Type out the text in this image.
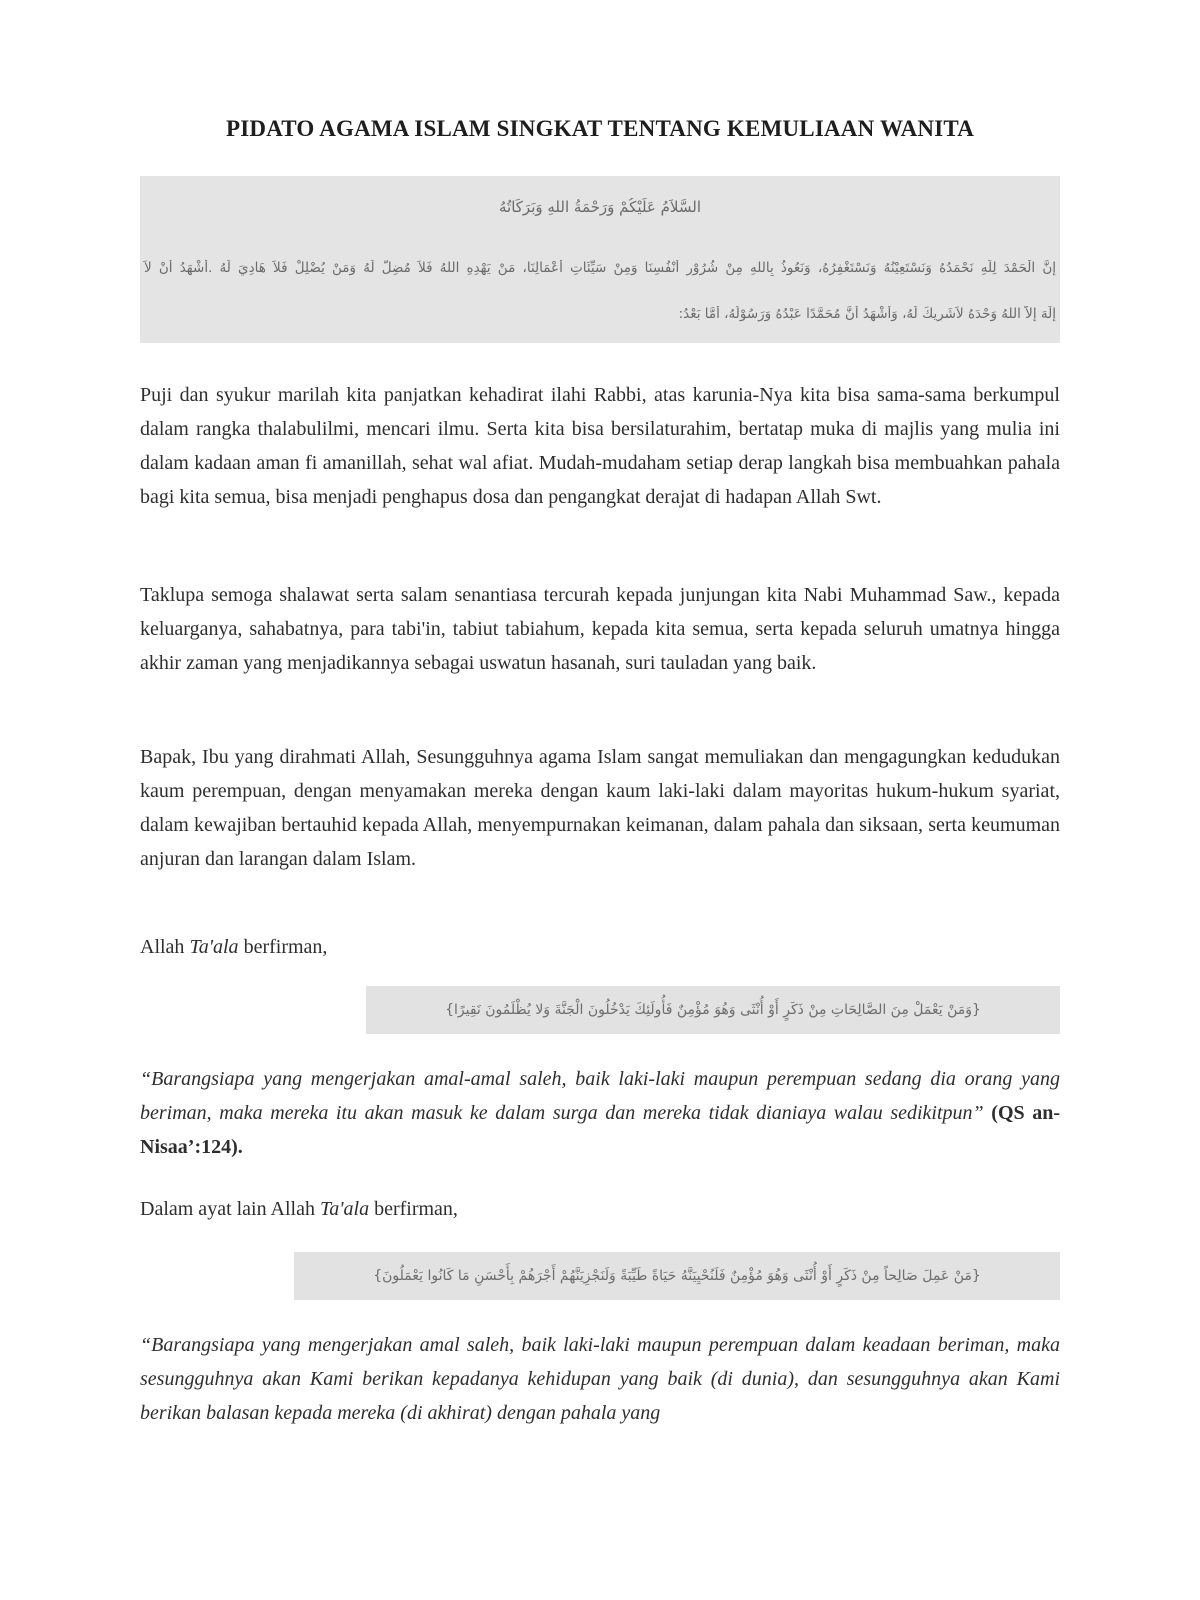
PIDATO AGAMA ISLAM SINGKAT TENTANG KEMULIAAN WANITA
السَّلاَمُ عَلَيْكُمْ وَرَحْمَةُ اللهِ وَبَرَكَاتُهُ
إِنَّ الْحَمْدَ لِلَّهِ نَحْمَدُهُ وَنَسْتَعِيْنُهُ وَنَسْتَغْفِرُهُ، وَنَعُوذُ بِاللهِ مِنْ شُرُوْرِ أَنْفُسِنَا وَمِنْ سَيِّئَاتِ أَعْمَالِنَا، مَنْ يَهْدِهِ اللهُ فَلاَ مُضِلَّ لَهُ وَمَنْ يُضْلِلْ فَلاَ هَادِيَ لَهُ .أَشْهَدُ أَنْ لاَ
إِلَهَ إِلاَّ اللهُ وَحْدَهُ لاَشَرِيكَ لَهُ، وَأَشْهَدُ أَنَّ مُحَمَّدًا عَبْدُهُ وَرَسُوْلُهُ، أَمَّا بَعْدُ:

Puji dan syukur marilah kita panjatkan kehadirat ilahi Rabbi, atas karunia-Nya kita bisa sama-sama berkumpul dalam rangka thalabulilmi, mencari ilmu. Serta kita bisa bersilaturahim, bertatap muka di majlis yang mulia ini dalam kadaan aman fi amanillah, sehat wal afiat. Mudah-mudaham setiap derap langkah bisa membuahkan pahala bagi kita semua, bisa menjadi penghapus dosa dan pengangkat derajat di hadapan Allah Swt.

Taklupa semoga shalawat serta salam senantiasa tercurah kepada junjungan kita Nabi Muhammad Saw., kepada keluarganya, sahabatnya, para tabi'in, tabiut tabiahum, kepada kita semua, serta kepada seluruh umatnya hingga akhir zaman yang menjadikannya sebagai uswatun hasanah, suri tauladan yang baik.

Bapak, Ibu yang dirahmati Allah, Sesungguhnya agama Islam sangat memuliakan dan mengagungkan kedudukan kaum perempuan, dengan menyamakan mereka dengan kaum laki-laki dalam mayoritas hukum-hukum syariat, dalam kewajiban bertauhid kepada Allah, menyempurnakan keimanan, dalam pahala dan siksaan, serta keumuman anjuran dan larangan dalam Islam.

Allah Ta'ala berfirman,

{وَمَنْ يَعْمَلْ مِنَ الصَّالِحَاتِ مِنْ ذَكَرٍ أَوْ أُنْثَى وَهُوَ مُؤْمِنٌ فَأُولَئِكَ يَدْخُلُونَ الْجَنَّةَ وَلا يُظْلَمُونَ نَقِيرًا}

“Barangsiapa yang mengerjakan amal-amal saleh, baik laki-laki maupun perempuan sedang dia orang yang beriman, maka mereka itu akan masuk ke dalam surga dan mereka tidak dianiaya walau sedikitpun” (QS an-Nisaa’:124).

Dalam ayat lain Allah Ta'ala berfirman,

{مَنْ عَمِلَ صَالِحاً مِنْ ذَكَرٍ أَوْ أُنْثَى وَهُوَ مُؤْمِنٌ فَلَنُحْيِيَنَّهُ حَيَاةً طَيِّبَةً وَلَنَجْزِيَنَّهُمْ أَجْرَهُمْ بِأَحْسَنِ مَا كَانُوا يَعْمَلُونَ}

“Barangsiapa yang mengerjakan amal saleh, baik laki-laki maupun perempuan dalam keadaan beriman, maka sesungguhnya akan Kami berikan kepadanya kehidupan yang baik (di dunia), dan sesungguhnya akan Kami berikan balasan kepada mereka (di akhirat) dengan pahala yang
